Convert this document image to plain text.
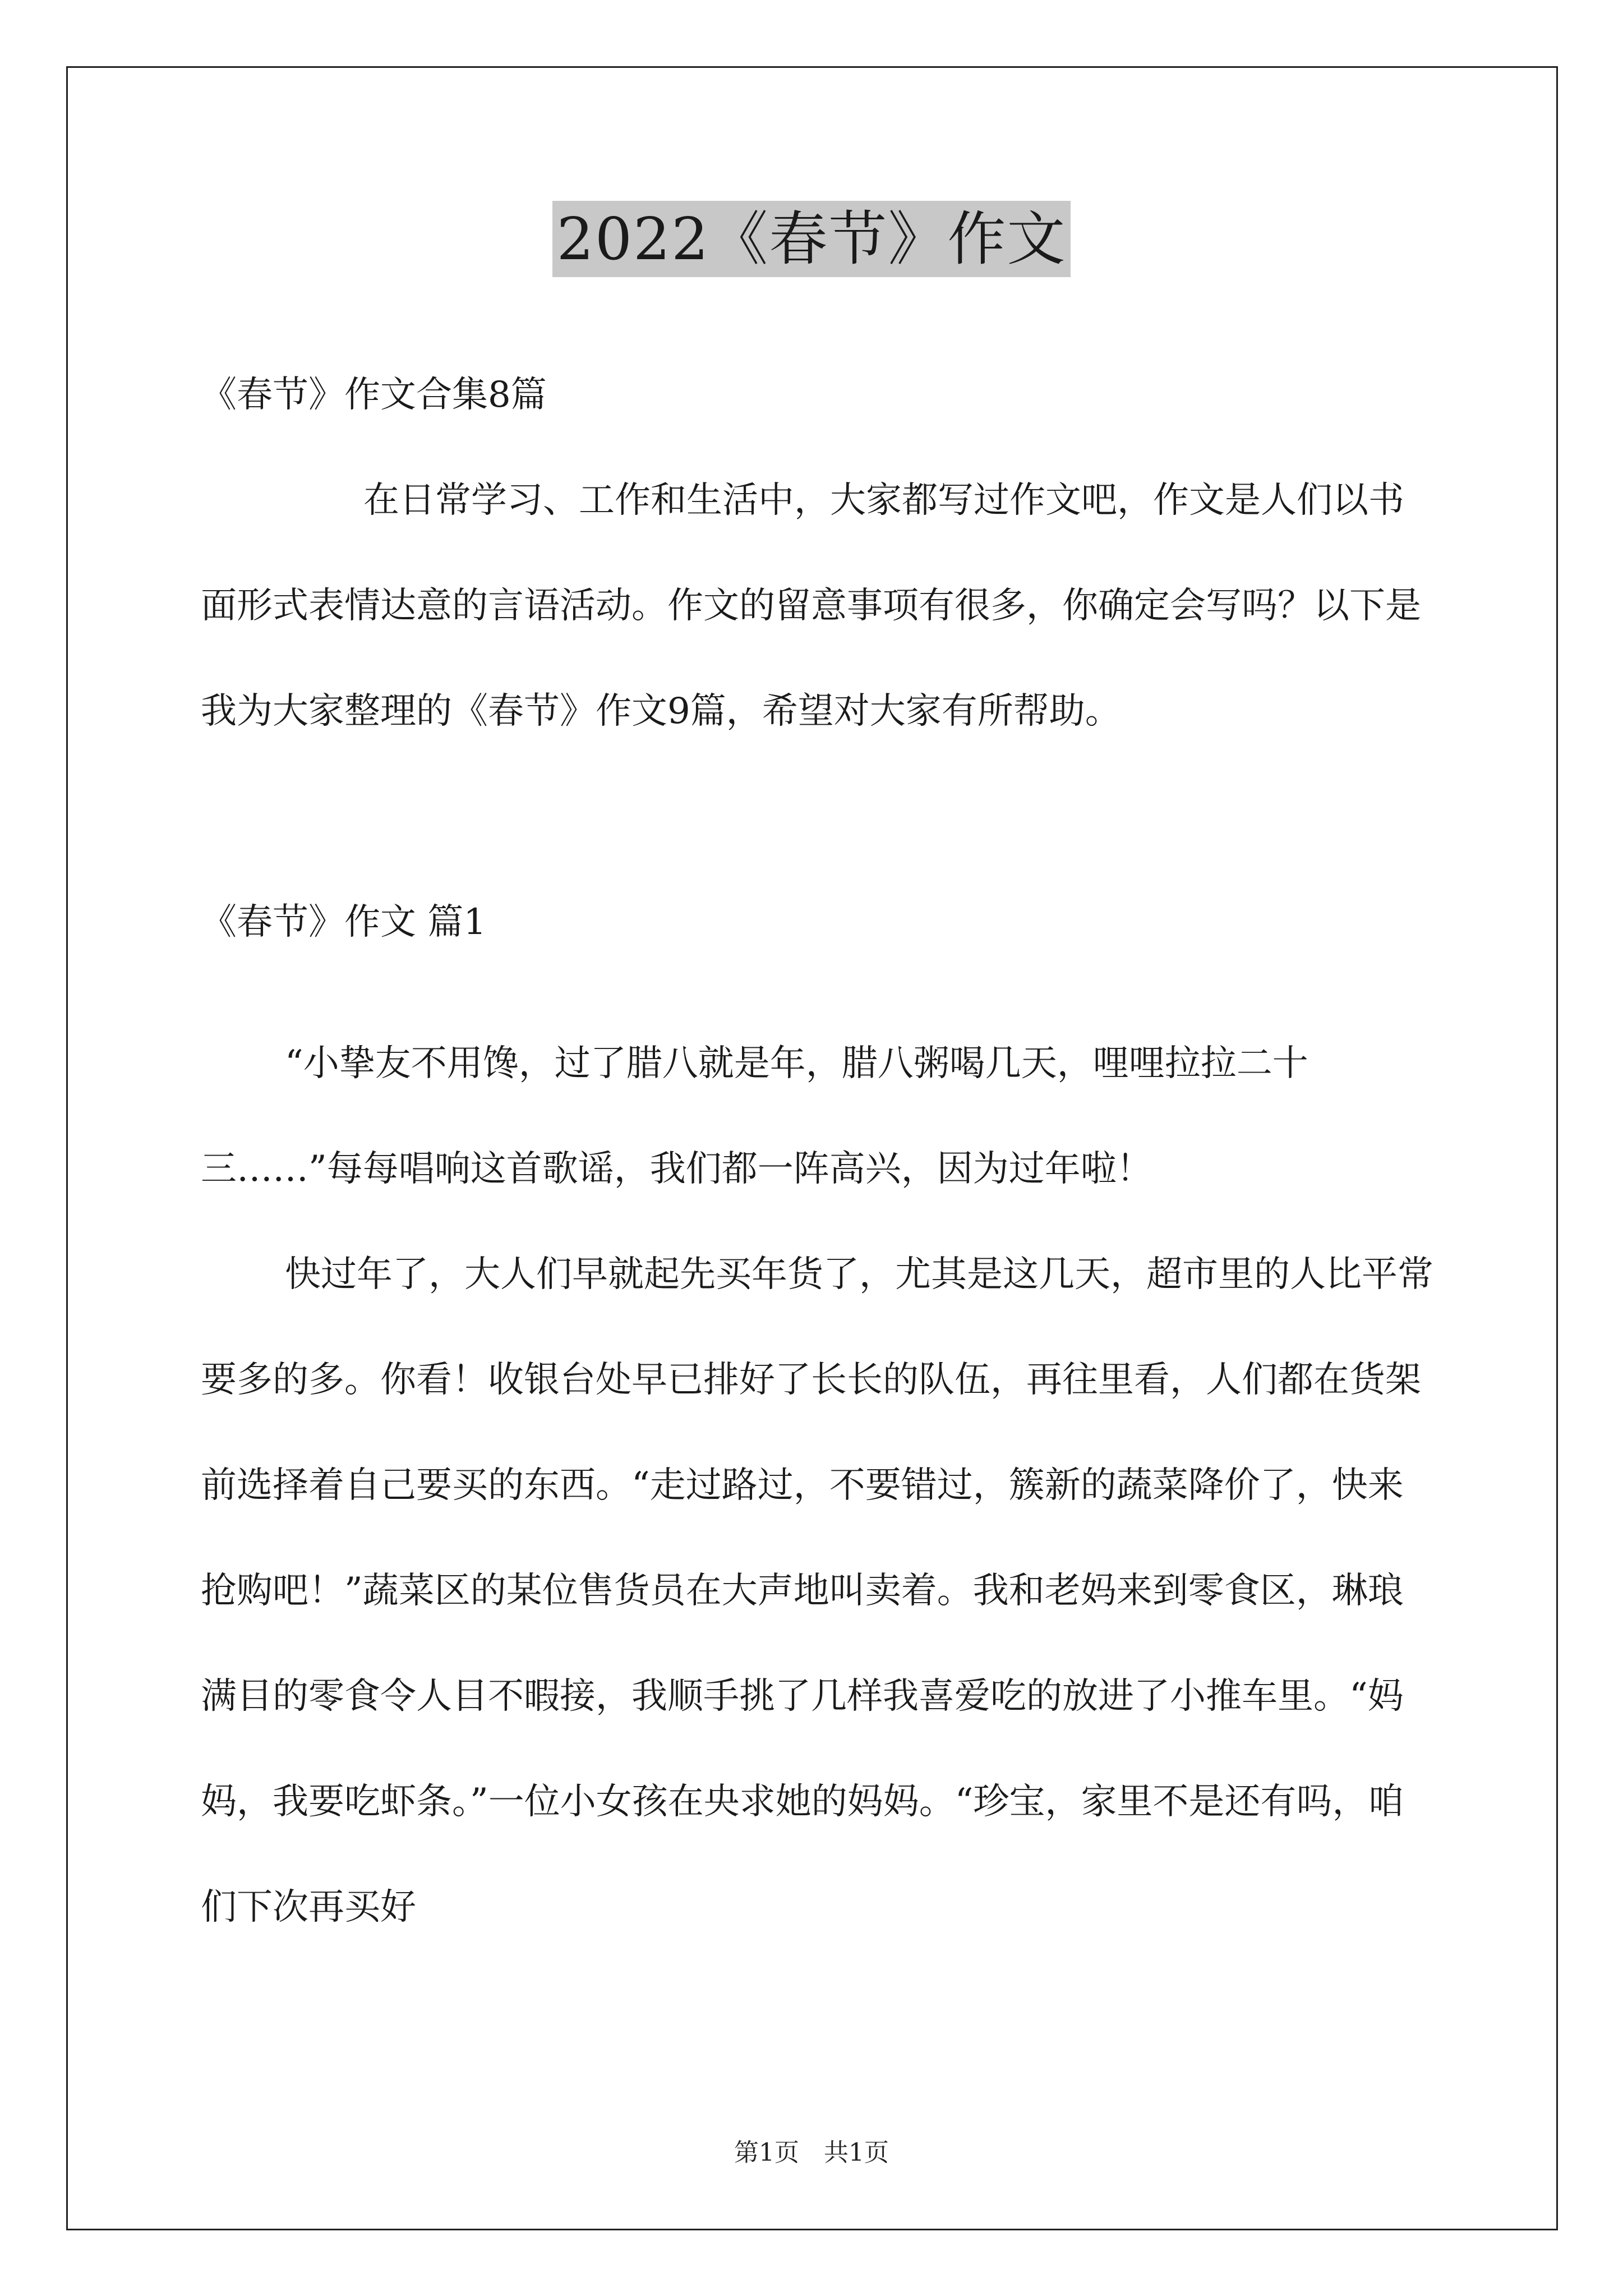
2022《春节》作文

《春节》作文合集8篇

在日常学习、工作和生活中，大家都写过作文吧，作文是人们以书面形式表情达意的言语活动。作文的留意事项有很多，你确定会写吗？以下是我为大家整理的《春节》作文9篇，希望对大家有所帮助。

《春节》作文 篇1

“小挚友不用馋，过了腊八就是年，腊八粥喝几天，哩哩拉拉二十三……”每每唱响这首歌谣，我们都一阵高兴，因为过年啦！

快过年了，大人们早就起先买年货了，尤其是这几天，超市里的人比平常要多的多。你看！收银台处早已排好了长长的队伍，再往里看，人们都在货架前选择着自己要买的东西。“走过路过，不要错过，簇新的蔬菜降价了，快来抢购吧！”蔬菜区的某位售货员在大声地叫卖着。我和老妈来到零食区，琳琅满目的零食令人目不暇接，我顺手挑了几样我喜爱吃的放进了小推车里。“妈妈，我要吃虾条。”一位小女孩在央求她的妈妈。“珍宝，家里不是还有吗，咱们下次再买好

第1页　共1页
